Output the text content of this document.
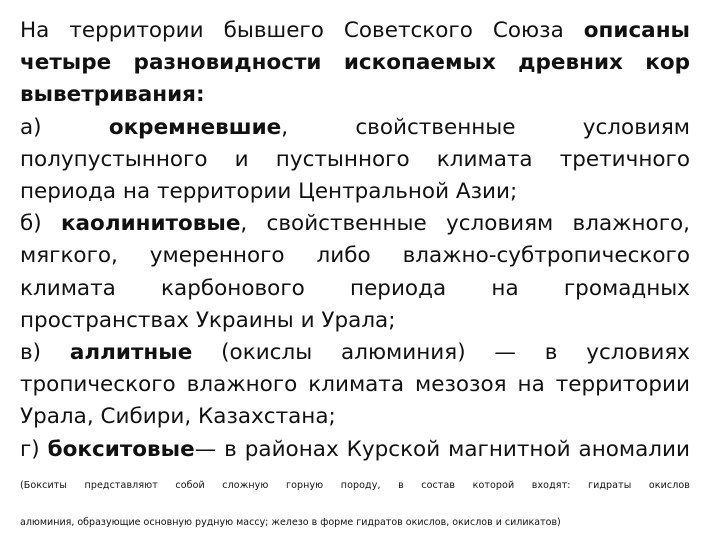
На территории бывшего Советского Союза описаны четыре разновидности ископаемых древних кор выветривания:

а) окремневшие, свойственные условиям полупустынного и пустынного климата третичного периода на территории Центральной Азии;

б) каолинитовые, свойственные условиям влажного, мягкого, умеренного либо влажно-субтропического климата карбонового периода на громадных пространствах Украины и Урала;

в) аллитные (окислы алюминия) — в условиях тропического влажного климата мезозоя на территории Урала, Сибири, Казахстана;

г) бокситовые— в районах Курской магнитной аномалии (Бокситы представляют собой сложную горную породу, в состав которой входят: гидраты окислов

алюминия, образующие основную рудную массу; железо в форме гидратов окислов, окислов и силикатов)
